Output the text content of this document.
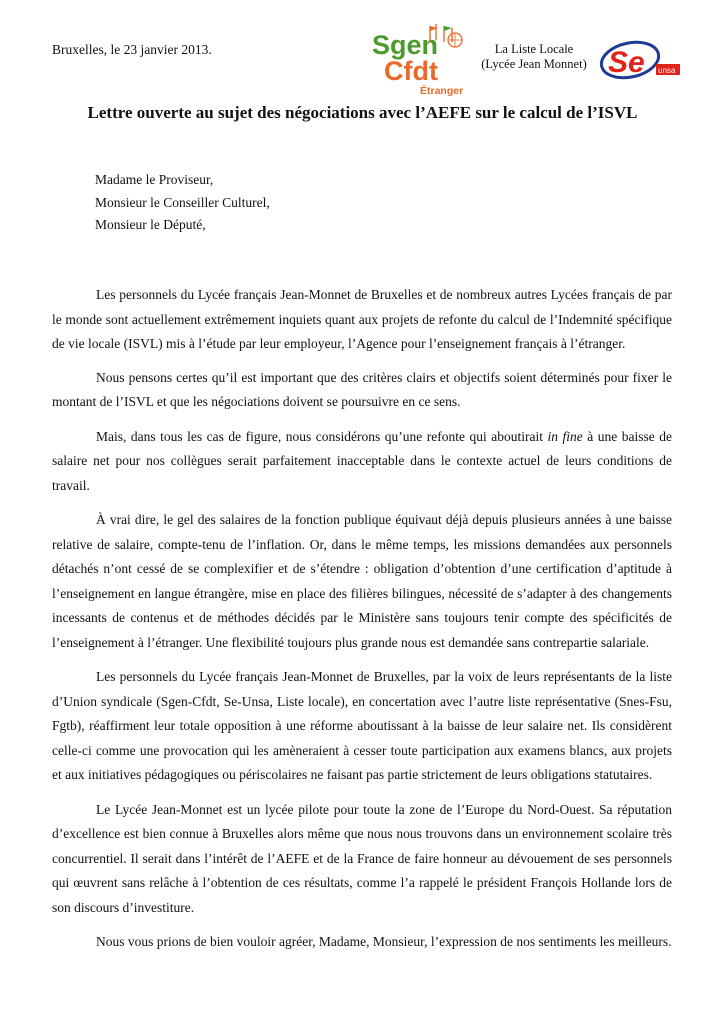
Bruxelles, le 23 janvier 2013.	Sgen
Cfdt
Étranger
La Liste Locale
(Lycée Jean Monnet) Se unsa
Lettre ouverte au sujet des négociations avec l’AEFE sur le calcul de l’ISVL
Madame le Proviseur,
Monsieur le Conseiller Culturel,
Monsieur le Député,

Les personnels du Lycée français Jean-Monnet de Bruxelles et de nombreux autres Lycées français de par le monde sont actuellement extrêmement inquiets quant aux projets de refonte du calcul de l’Indemnité spécifique de vie locale (ISVL) mis à l’étude par leur employeur, l’Agence pour l’enseignement français à l’étranger.

Nous pensons certes qu’il est important que des critères clairs et objectifs soient déterminés pour fixer le montant de l’ISVL et que les négociations doivent se poursuivre en ce sens.

Mais, dans tous les cas de figure, nous considérons qu’une refonte qui aboutirait in fine à une baisse de salaire net pour nos collègues serait parfaitement inacceptable dans le contexte actuel de leurs conditions de travail.

À vrai dire, le gel des salaires de la fonction publique équivaut déjà depuis plusieurs années à une baisse relative de salaire, compte-tenu de l’inflation. Or, dans le même temps, les missions demandées aux personnels détachés n’ont cessé de se complexifier et de s’étendre : obligation d’obtention d’une certification d’aptitude à l’enseignement en langue étrangère, mise en place des filières bilingues, nécessité de s’adapter à des changements incessants de contenus et de méthodes décidés par le Ministère sans toujours tenir compte des spécificités de l’enseignement à l’étranger. Une flexibilité toujours plus grande nous est demandée sans contrepartie salariale.

Les personnels du Lycée français Jean-Monnet de Bruxelles, par la voix de leurs représentants de la liste d’Union syndicale (Sgen-Cfdt, Se-Unsa, Liste locale), en concertation avec l’autre liste représentative (Snes-Fsu, Fgtb), réaffirment leur totale opposition à une réforme aboutissant à la baisse de leur salaire net. Ils considèrent celle-ci comme une provocation qui les amèneraient à cesser toute participation aux examens blancs, aux projets et aux initiatives pédagogiques ou périscolaires ne faisant pas partie strictement de leurs obligations statutaires.

Le Lycée Jean-Monnet est un lycée pilote pour toute la zone de l’Europe du Nord-Ouest. Sa réputation d’excellence est bien connue à Bruxelles alors même que nous nous trouvons dans un environnement scolaire très concurrentiel. Il serait dans l’intérêt de l’AEFE et de la France de faire honneur au dévouement de ses personnels qui œuvrent sans relâche à l’obtention de ces résultats, comme l’a rappelé le président François Hollande lors de son discours d’investiture.

Nous vous prions de bien vouloir agréer, Madame, Monsieur, l’expression de nos sentiments les meilleurs.
